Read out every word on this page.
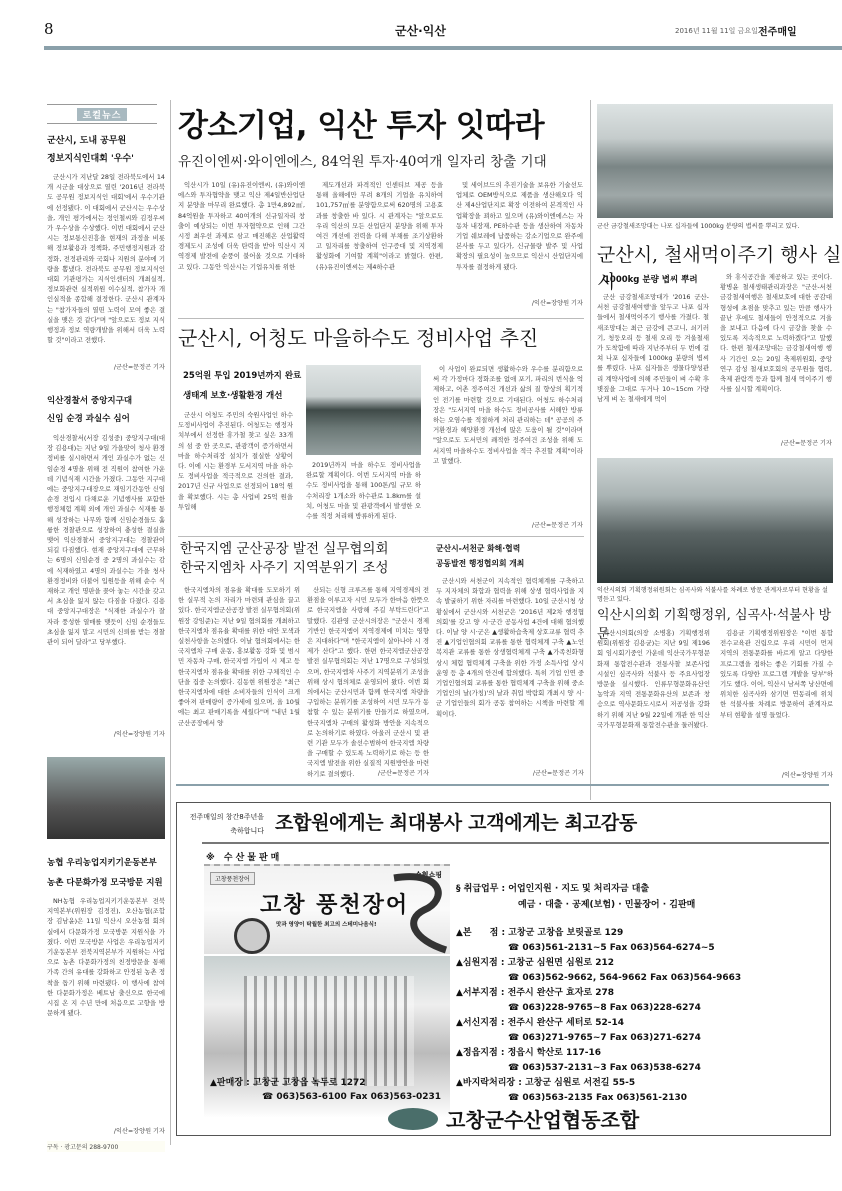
8	군산·익산	2016년 11월 11일 금요일 전주매일
로컬뉴스
군산시, 도내 공무원
정보지식인대회 '우수'

군산시가 지난달 28일 전라북도에서 14개 시군을 대상으로 열린 '2016년 전라북도 공무원 정보지식인 대회'에서 우수기관에 선정됐다. 이 대회에서 군산시는 우수상을, 개인 평가에서는 정인철씨와 김정우씨가 우수상을 수상했다. 이번 대회에서 군산시는 정보통신진흥을 현재의 과정을 비롯해 정보활용과 정책화, 주민행정지원과 감정화, 전정관리와 국회나 지원의 분야에 기량을 뽐냈다. 전라북도 공무원 정보지식인 대회 기관평가는 지식인센터의 개최실적, 정보화관련 실적위원 이수실적, 참가자 개인실적을 종합해 결정한다. 군산시 관계자는 "참가자들의 열띤 노력이 모여 좋은 결실을 맺은 것 같다"며 "앞으로도 정보 지식행정과 정보 역량개발을 위해서 더욱 노력 할 것"이라고 전했다.

/군산=문정곤 기자
익산경찰서 중앙지구대
신임 순경 과실수 심어

익산경찰서(서장 김성중) 중앙지구대(대장 김용대)는 지난 9일 가을맞이 청사 환경정비를 실시하면서 개인 과실수가 없는 신임순경 4명을 위해 전 직원이 참여한 가운데 기념식재 시간을 가졌다. 그동안 지구대에는 중앙지구대장으로 재임기간동안 신임순경 전입시 다채로운 기념행사를 포함한 행정체험 계획 외에 개인 과실수 식재를 통해 성장하는 나무와 함께 신임순경들도 훌륭한 경찰관으로 성장하여 충성한 결실을 맺어 익산경찰서 중앙지구대는 경찰관이 되길 다짐했다. 현재 중앙지구대에 근무하는 6명의 신임순경 중 2명의 과실수는 감에 식재하였고 4명의 과실수는 가을 청사 환경정비와 더불어 입원등을 위해 순수 식재하고 개인 명판을 꽂아 놓는 시간을 갖고서 초심을 잃지 않는 다짐을 다졌다. 김용대 중앙지구대장은 "식재한 과실수가 잘 자라 풍성한 열매를 맺듯이 신임 순경들도 초심을 잃지 말고 시민의 신뢰를 받는 경찰관이 되어 달라"고 당부했다.

/익산=장양원 기자
농협 우리농업지키기운동본부
농촌 다문화가정 모국방문 지원

NH농협 우리농업지키기운동본부 전북지역본부(위원장 김정진), 오산농협(조합장 김남윤)은 11일 익산시 오산농협 회의실에서 다문화가정 모국방문 지원식을 가졌다. 이번 모국방문 사업은 우리농업지키기운동본부 전북지역본부가 지원하는 사업으로 농촌 다문화가정의 친정방문을 통해 가족 간의 유대를 강화하고 안정된 농촌 정착을 돕기 위해 마련됐다. 이 행사에 참여한 다문화가정은 베트남 출신으로 한국에 시집 온 지 수년 만에 처음으로 고향을 방문하게 됐다.

/익산=장양원 기자
구독 · 광고문의 288-9700
강소기업, 익산 투자 잇따라
유진이엔씨·와이엔에스, 84억원 투자·40여개 일자리 창출 기대

익산시가 10일 (유)유진이엔씨, (유)와이엔에스와 투자협약을 맺고 익산 제4일반산업단지 분양을 마무리 완료했다. 총 1만4,892㎡, 84억원을 투자하고 40여개의 신규일자리 창출이 예상되는 이번 투자협약으로 인해 그간 시정 최우선 과제로 삼고 매진해온 산업활력 경제도시 조성에 더욱 탄력을 받아 익산시 지역경제 발전에 순풍이 불어올 것으로 기대하고 있다. 그동안 익산시는 기업유치를 위한

제도개선과 파격적인 인센티브 제공 등을 통해 올해에만 무려 8개의 기업을 유치하여 101,757㎡를 분양함으로써 620명의 고용효과를 창출한 바 있다. 시 관계자는 "앞으로도 우리 익산의 모든 산업단지 분양을 위해 투자여건 개선에 전력을 다해 부채를 조기상환하고 일자리를 창출하여 인구증대 및 지역경제 활성화에 기여할 계획"이라고 밝혔다. 한편, (유)유진이엔씨는 제4하수관

및 세이브드의 추진기술을 보유한 기술선도 업체로 OEM방식으로 제품을 생산해오다 익산 제4산업단지로 확장 이전하여 본격적인 사업확장을 꾀하고 있으며 (유)와이엔에스는 자동차 내장재, PE하수관 등을 생산하여 자동차 기업 쉐보레에 납품하는 강소기업으로 완주에 본사를 두고 있다가, 신규물량 발주 및 사업 확장의 필요성이 높으므로 익산시 산업단지에 투자를 결정하게 됐다.

/익산=장양원 기자
군산 금강철새조망대는 나포 십자들에 1000kg 분량의 볍씨를 뿌리고 있다.
군산시, 철새먹이주기 행사 실시
1000kg 분량 볍씨 뿌려

군산 금강철새조망대가 '2016 군산-서천 금강철새여행'을 앞두고 나포 십자들에서 철새먹이주기 행사를 가졌다. 철새조망대는 최근 금강에 큰고니, 쇠기러기, 청둥오리 등 철새 오리 등 겨울철새가 도착함에 따라 지난주부터 두 번에 걸쳐 나포 십자들에 1000kg 분량의 볍씨를 뿌렸다. 나포 십자들은 생물다양성관리 계약사업에 의해 주민들이 벼 수확 후 볏짚을 그대로 두거나 10~15cm 가량 남게 벼 논 철새에게 먹이

와 휴식공간을 제공하고 있는 곳이다. 황병윤 철새생태관리과장은 "군산-서천 금강철새여행은 철새보호에 대한 공감대 형성에 초점을 맞추고 있는 만큼 행사가 끝난 후에도 철새들이 안정적으로 겨울을 보내고 다음에 다시 금강을 찾을 수 있도록 지속적으로 노력하겠다"고 말했다. 한편 철새조망대는 금강철새여행 행사 기간인 오는 20일 축제위원회, 중앙연구 감성 철새보호회의 공무원들 협력, 축제 관람객 등과 함께 철새 먹이주기 행사를 실시할 계획이다.

/군산=문정곤 기자
군산시, 어청도 마을하수도 정비사업 추진
25억원 투입 2019년까지 완료
생태계 보호·생활환경 개선

군산시 어청도 주민의 숙원사업인 하수도정비사업이 추진된다. 어청도는 행정자치부에서 선정한 휴가철 찾고 싶은 33개의 섬 중 한 곳으로, 관광객이 증가하면서 마을 하수처리장 설치가 절실한 상황이다. 이에 시는 환경부 도서지역 마을 하수도 정비사업을 적극적으로 건의한 결과, 2017년 신규 사업으로 선정되어 18억 원을 확보했다. 시는 총 사업비 25억 원을 투입해

2019년까지 마을 하수도 정비사업을 완료할 계획이다. 이번 도서지역 마을 하수도 정비사업을 통해 100톤/일 규모 하수처리장 1개소와 하수관로 1.8km를 설치, 어청도 마을 및 관광객에서 발생한 오수를 적정 처리해 방류하게 된다.

이 사업이 완료되면 생활하수와 우수를 분리함으로써 각 가정마다 정화조를 없애 포기, 파리의 번식을 억제하고, 어촌 정주여건 개선과 삶의 질 향상의 획기적인 전기를 마련할 것으로 기대된다. 어청도 하수처리장은 "도서지역 마을 하수도 정비공사를 서해안 방류하는 오염수를 적절하게 처리 관리하는 데" 공공의 주거환경과 해양환경 개선에 많은 도움이 될 것"이라며 "앞으로도 도서민의 쾌적한 정주여건 조성을 위해 도서지역 마을하수도 정비사업을 적극 추진할 계획"이라고 말했다.

/군산=문정곤 기자
한국지엠 군산공장 발전 실무협의회
한국지엠차 사주기 지역분위기 조성

한국지엠차의 점유율 확대를 도모하기 위한 실무적 논의 자리가 마련돼 관심을 끌고 있다. 한국지엠군산공장 발전 실무협의회(위원장 강임준)는 지난 9일 협의회를 개최하고 한국지엠차 점유율 확대를 위한 대안 모색과 실천사항을 논의했다. 이날 협의회에서는 한국지엠차 구매 운동, 홍보활동 강화 및 범시민 자동차 구매, 한국지엠 가입이 시 제고 등 한국지엠차 점유율 확대를 위한 구체적인 수단을 집중 논의했다. 김동현 위원장은 "최근 한국지엠차에 대한 소비자들의 인식이 크게 좋아져 판매량이 증가세에 있으며, 올 10월에는 최고 판매기록을 세웠다"며 "내년 1월 군산공장에서 양

산되는 신형 크루즈를 통해 지역경제의 전환점을 이루고자 시민 모두가 한마음 한뜻으로 한국지엠을 사랑해 주길 부탁드린다"고 말했다. 김관영 군산시의장은 "군산시 경제 기반인 한국지엠이 지역경제에 미치는 영향은 지대하다"며 "한국지엠이 살아나야 시 경제가 산다"고 했다. 한편 한국지엠군산공장 발전 실무협의회는 지난 17명으로 구성되었으며, 한국지엠차 사주기 지역분위기 조성을 위해 상시 협의체로 운영되어 왔다. 이번 회의에서는 군산시민과 함께 한국지엠 차량을 구입하는 분위기를 조성하여 시민 모두가 동참할 수 있는 분위기를 만들기로 하였으며, 한국지엠차 구매의 활성화 방안을 지속적으로 논의하기로 하였다. 아울러 군산시 및 관련 기관 모두가 솔선수범하여 한국지엠 차량을 구매할 수 있도록 노력하기로 하는 등 한국지엠 발전을 위한 실질적 지원방안을 마련하기로 결의했다.	/군산=문정곤 기자
군산시-서천군 화해·협력
공동발전 행정협의회 개최

군산시와 서천군이 지속적인 협력체계를 구축하고 두 지자체의 화합과 협력을 위해 상생 협력사업을 지속 발굴하기 위한 자리를 마련했다. 10일 군산시청 상황실에서 군산시와 서천군은 '2016년 제2차 행정협의회'를 갖고 양 시·군간 공동사업 4건에 대해 협의했다. 이날 양 시·군은 ▲생활하습축제 상호교류 협력 추진 ▲기업인협의회 교류를 통한 협력체계 구축 ▲노인복지관 교류를 통한 상생협력체계 구축 ▲가족친화형 상시 체험 협력체계 구축을 위한 가정 소득사업 상시 운영 등 총 4개의 안건에 합의했다. 특히 기업 인연 중 기업인협의회 교류를 통한 협력체계 구축을 위해 중소기업인의 날(가칭)'의 날과 취업 박람회 개최시 양 시·군 기업인들의 회가 공동 참여하는 시책을 마련할 계획이다.

/군산=문정곤 기자
익산시의회 기획행정위원회는 심곡사와 석불사를 차례로 방문 관계자로부터 현황을 설명듣고 있다.
익산시의회 기획행정위, 심곡사·석불사 방문

익산시의회(의장 소병홍) 기획행정위원회(위원장 김용균)는 지난 9일 제196회 임시회기중인 가운데 익산국가무형문화재 통합전수관과 전통사찰 보존사업 시설인 심곡사와 석불사 등 주요사업장 방문을 실시했다. 인류무형문화유산인 농악과 지역 전통문화유산의 보존과 창승으로 역사문화도시로서 저공성을 강화하기 위해 지난 9월 22일에 개관 한 익산국가무형문화재 통합전수관을 둘러봤다.

김용균 기획행정위원장은 "이번 통합전수교육관 건립으로 우리 시민이 먼저 지역의 전통문화를 바르게 알고 다양한 프로그램을 접하는 좋은 기회를 가질 수 있도록 다양한 프로그램 개발을 당부"하기도 했다. 이어, 익산시 남서쪽 낭산면에 위치한 심곡사와 삼기면 연동리에 위치한 석불사를 차례로 방문하여 관계자로부터 현황을 설명 들었다.

/익산=장양원 기자
전주매일의 창간8주년을
축하합니다 조합원에게는 최대봉사 고객에게는 최고감동
※ 수산물판매
고창풍천장어
수협쇼핑
고창 풍천장어
맛과 영양이 탁월한 최고의 스테미나음식!
§ 취급업무 : 어업인지원 · 지도 및 처리자금 대출
예금 · 대출 · 공제(보험) · 민물장어 · 김판매
▲본　　점 : 고창군 고창읍 보릿골로 129
☎ 063)561-2131~5 Fax 063)564-6274~5
▲심원지점 : 고창군 심원면 심원로 212
☎ 063)562-9662, 564-9662 Fax 063)564-9663
▲서부지점 : 전주시 완산구 효자로 278
☎ 063)228-9765~8 Fax 063)228-6274
▲서신지점 : 전주시 완산구 세터로 52-14
☎ 063)271-9765~7 Fax 063)271-6274
▲정읍지점 : 정읍시 학산로 117-16
☎ 063)537-2131~3 Fax 063)538-6274
▲바지락처리장 : 고창군 심원로 서전길 55-5
☎ 063)563-2135 Fax 063)561-2130
▲판매장 : 고창군 고창읍 녹두로 1272
☎ 063)563-6100 Fax 063)563-0231
고창군수산업협동조합
